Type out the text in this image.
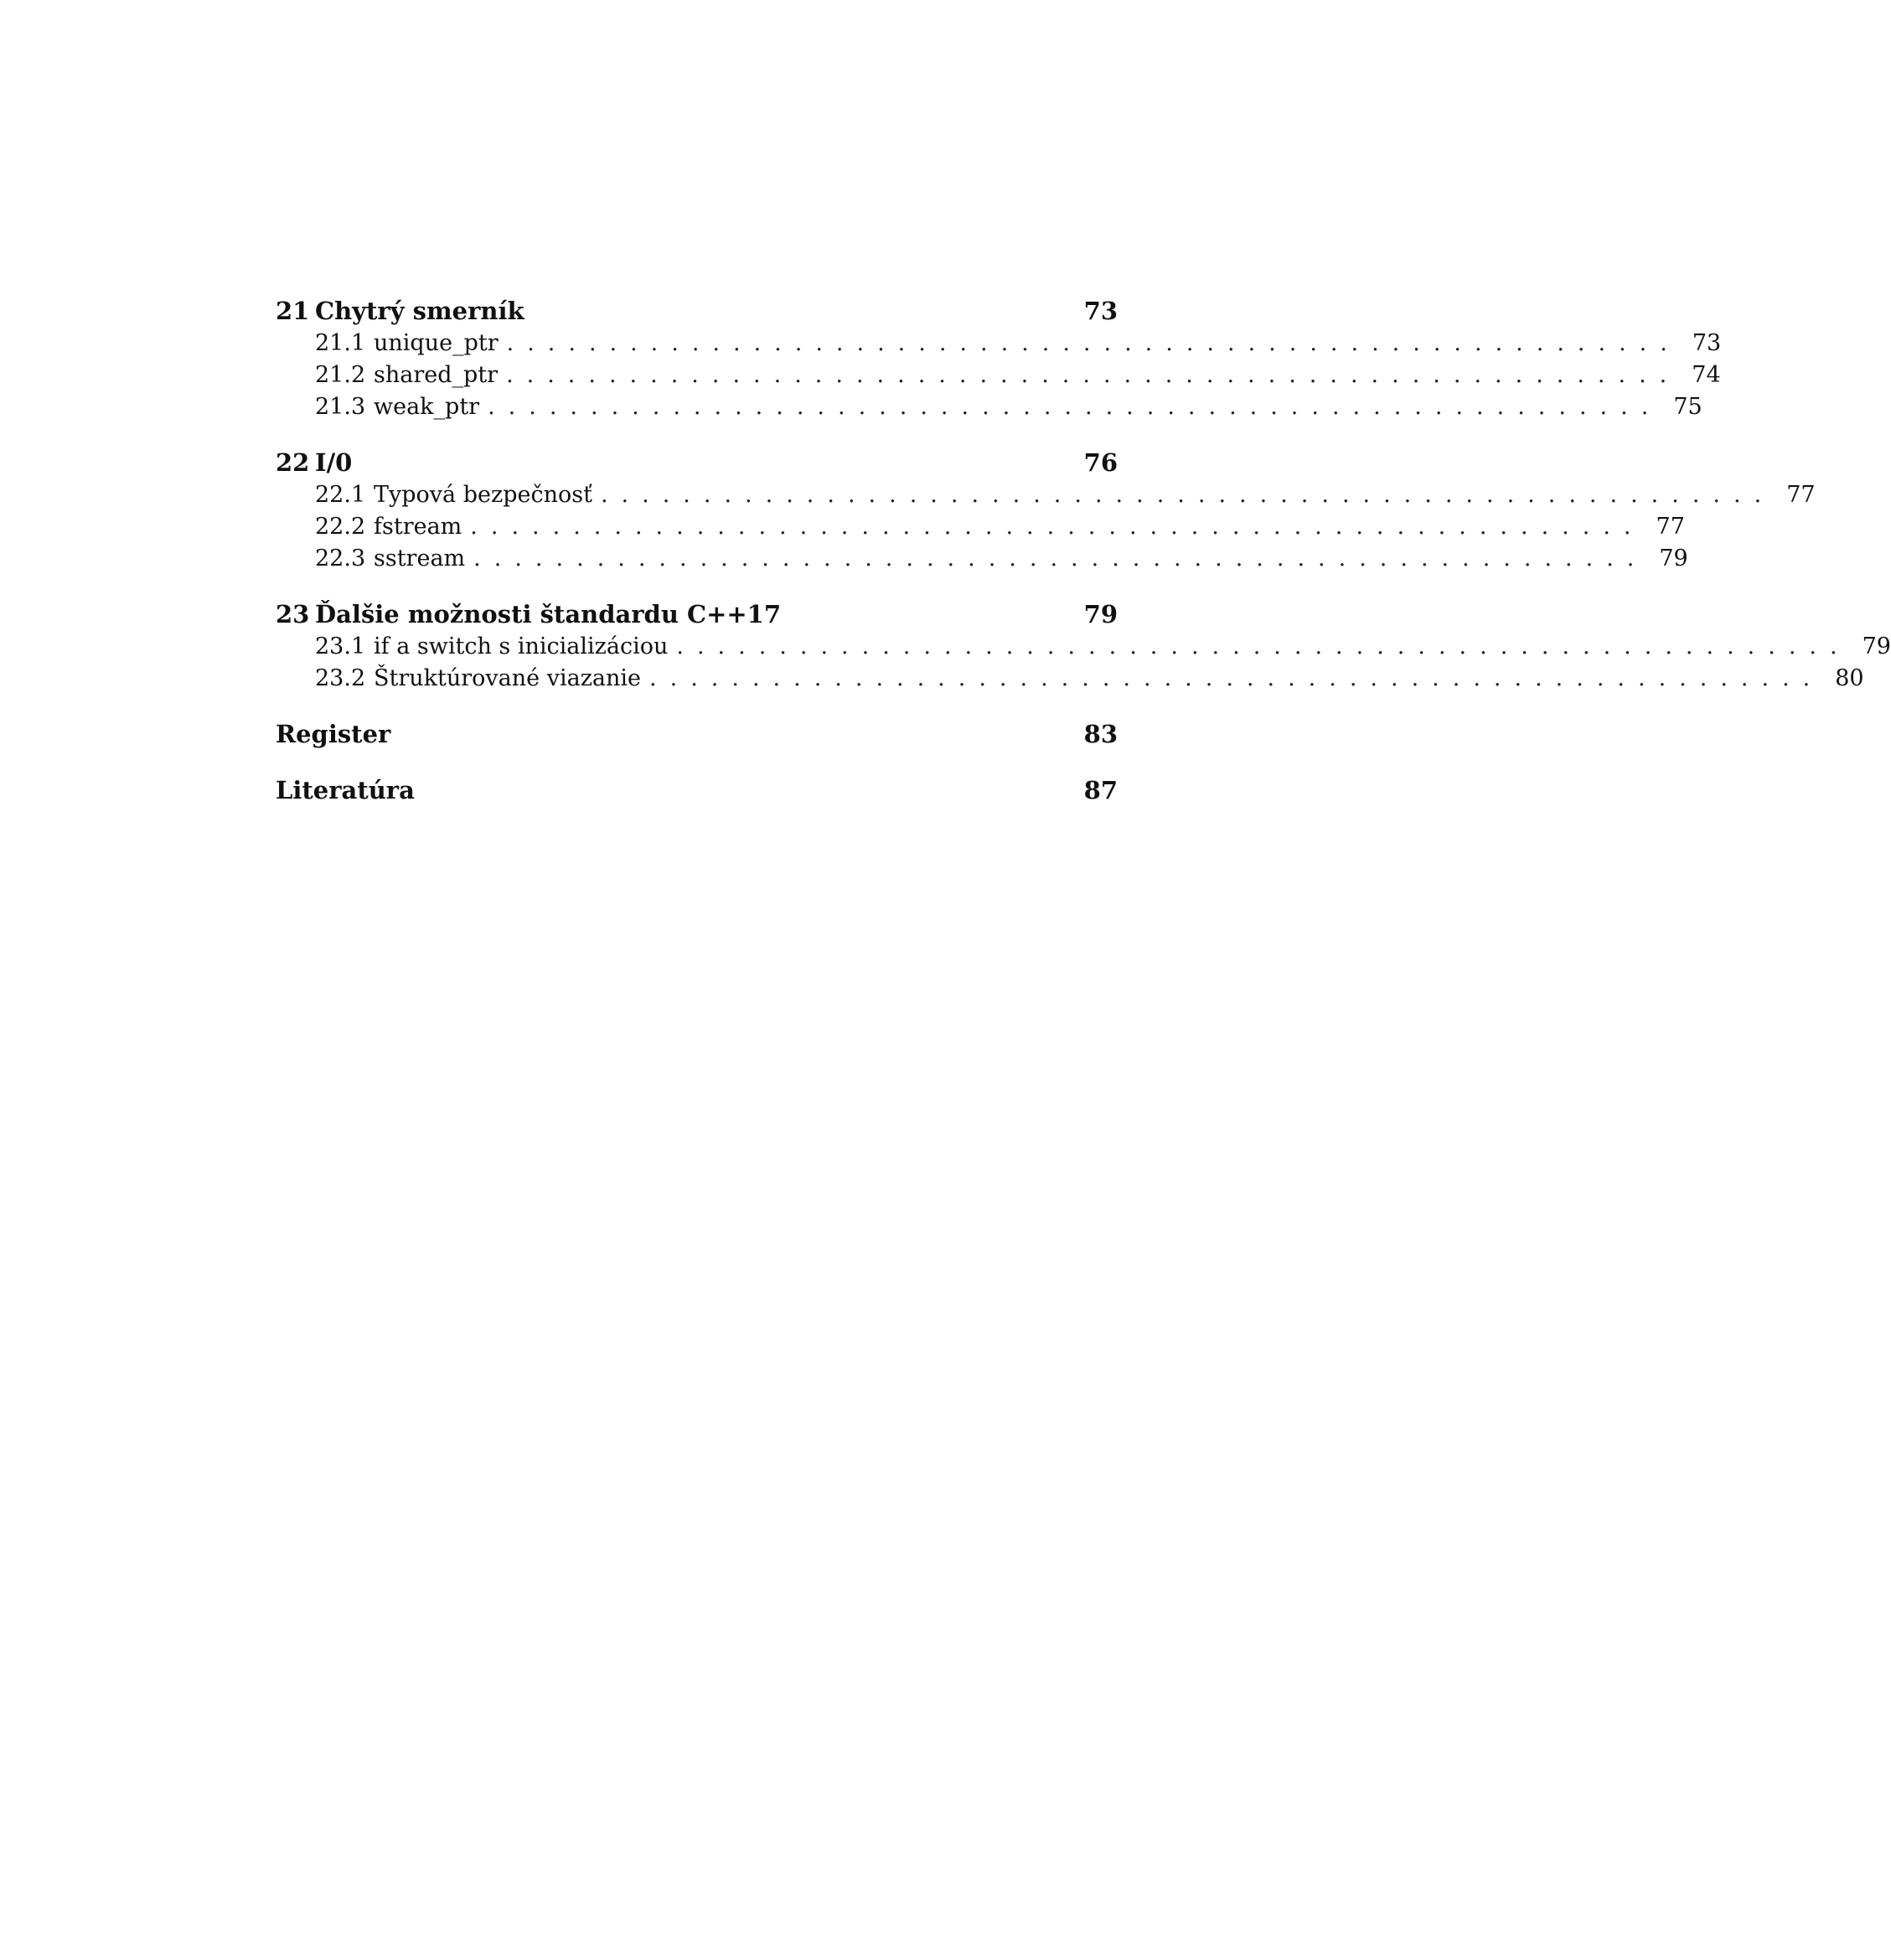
21 Chytrý smerník	73
21.1 unique_ptr ......................................................... 73
21.2 shared_ptr ......................................................... 74
21.3 weak_ptr ......................................................... 75
22 I/0	76
22.1 Typová bezpečnosť ......................................................... 77
22.2 fstream ......................................................... 77
22.3 sstream ......................................................... 79
23 Ďalšie možnosti štandardu C++17	79
23.1 if a switch s inicializáciou ......................................................... 79
23.2 Štruktúrované viazanie ......................................................... 80
Register	83
Literatúra	87
